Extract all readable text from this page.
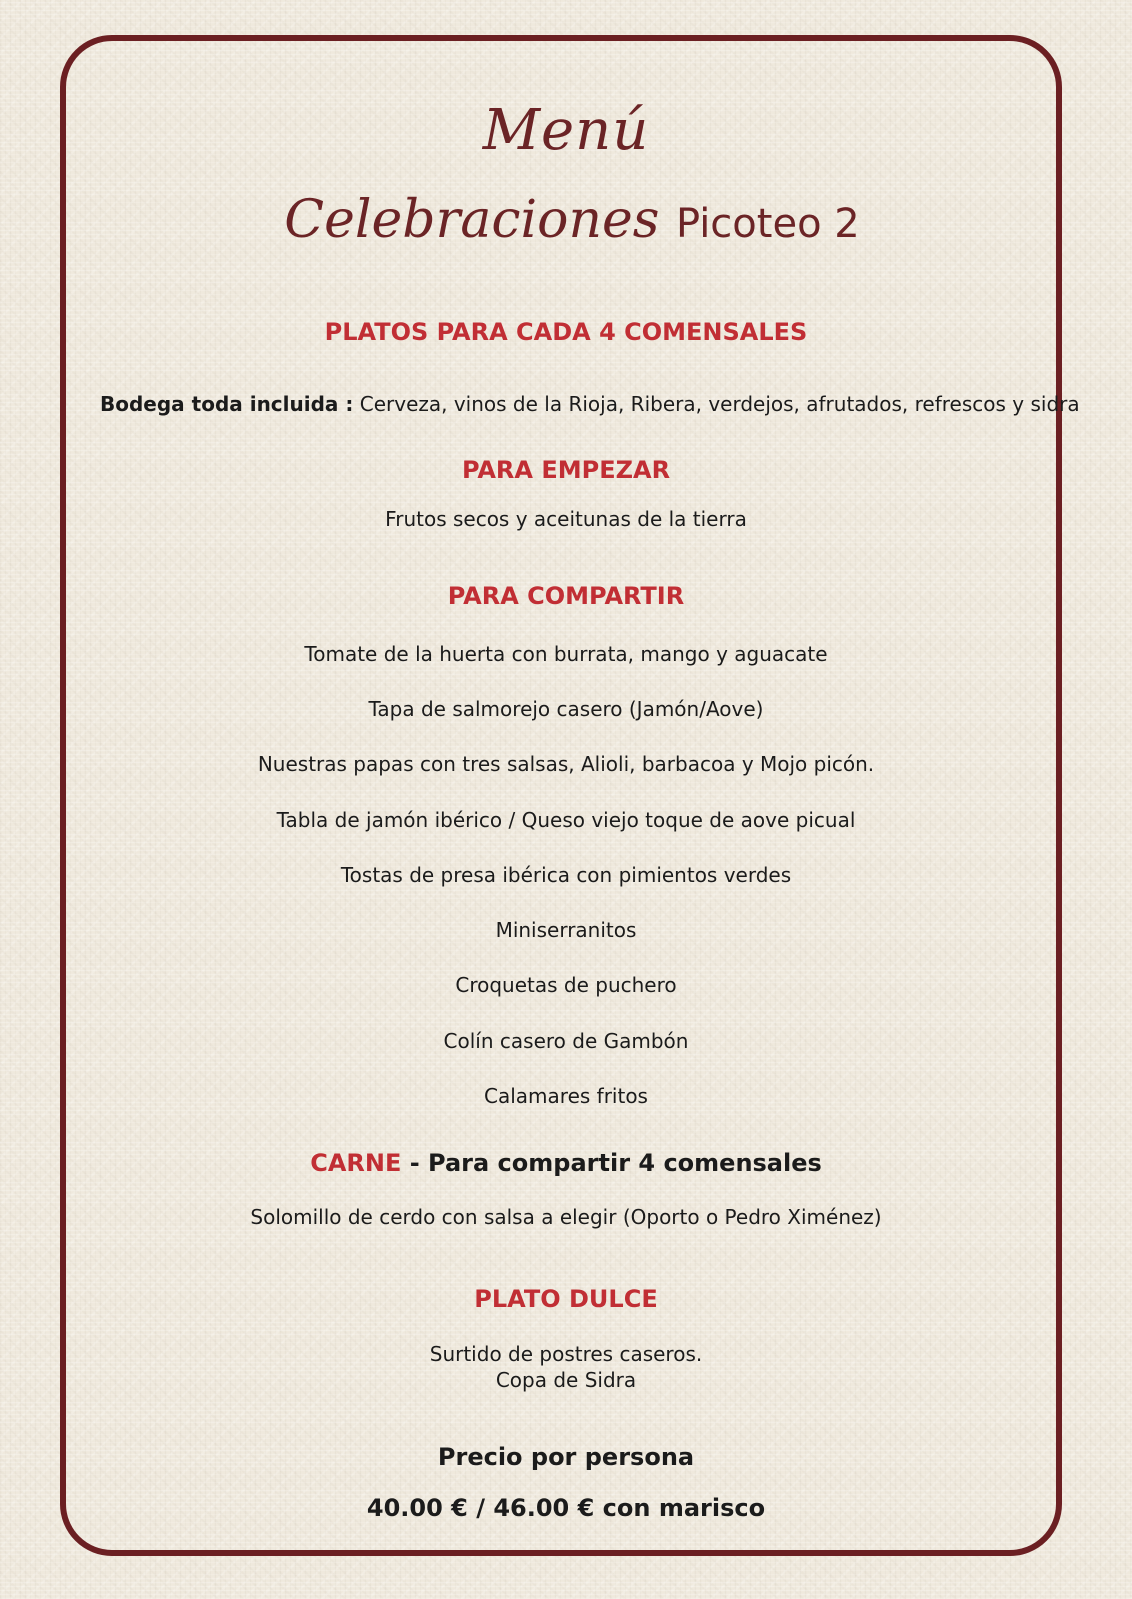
Menú
Celebraciones Picoteo 2
PLATOS PARA CADA 4 COMENSALES

Bodega toda incluida : Cerveza, vinos de la Rioja, Ribera, verdejos, afrutados, refrescos y sidra

PARA EMPEZAR

Frutos secos y aceitunas de la tierra

PARA COMPARTIR

Tomate de la huerta con burrata, mango y aguacate

Tapa de salmorejo casero (Jamón/Aove)

Nuestras papas con tres salsas, Alioli, barbacoa y Mojo picón.

Tabla de jamón ibérico / Queso viejo toque de aove picual

Tostas de presa ibérica con pimientos verdes

Miniserranitos

Croquetas de puchero

Colín casero de Gambón

Calamares fritos

CARNE - Para compartir 4 comensales

Solomillo de cerdo con salsa a elegir (Oporto o Pedro Ximénez)

PLATO DULCE

Surtido de postres caseros.

Copa de Sidra

Precio por persona

40.00 € / 46.00 € con marisco
